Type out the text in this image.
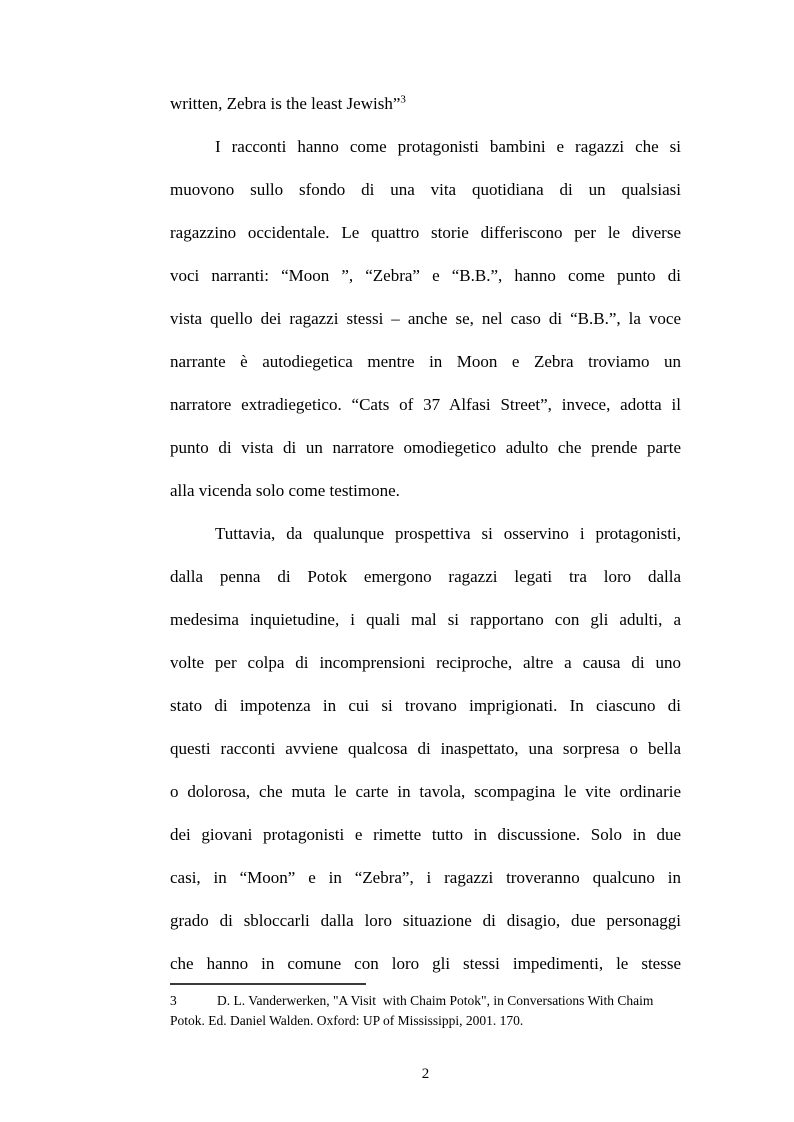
written, Zebra is the least Jewish”$^3$
I racconti hanno come protagonisti bambini e ragazzi che si
muovono sullo sfondo di una vita quotidiana di un qualsiasi
ragazzino occidentale. Le quattro storie differiscono per le diverse
voci narranti: “Moon ”, “Zebra” e “B.B.”, hanno come punto di
vista quello dei ragazzi stessi – anche se, nel caso di “B.B.”, la voce
narrante è autodiegetica mentre in Moon e Zebra troviamo un
narratore extradiegetico. “Cats of 37 Alfasi Street”, invece, adotta il
punto di vista di un narratore omodiegetico adulto che prende parte
alla vicenda solo come testimone.
Tuttavia, da qualunque prospettiva si osservino i protagonisti,
dalla penna di Potok emergono ragazzi legati tra loro dalla
medesima inquietudine, i quali mal si rapportano con gli adulti, a
volte per colpa di incomprensioni reciproche, altre a causa di uno
stato di impotenza in cui si trovano imprigionati. In ciascuno di
questi racconti avviene qualcosa di inaspettato, una sorpresa o bella
o dolorosa, che muta le carte in tavola, scompagina le vite ordinarie
dei giovani protagonisti e rimette tutto in discussione. Solo in due
casi, in “Moon” e in “Zebra”, i ragazzi troveranno qualcuno in
grado di sbloccarli dalla loro situazione di disagio, due personaggi
che hanno in comune con loro gli stessi impedimenti, le stesse
3	D. L. Vanderwerken, "A Visit  with Chaim Potok", in Conversations With Chaim
Potok. Ed. Daniel Walden. Oxford: UP of Mississippi, 2001. 170.
2
